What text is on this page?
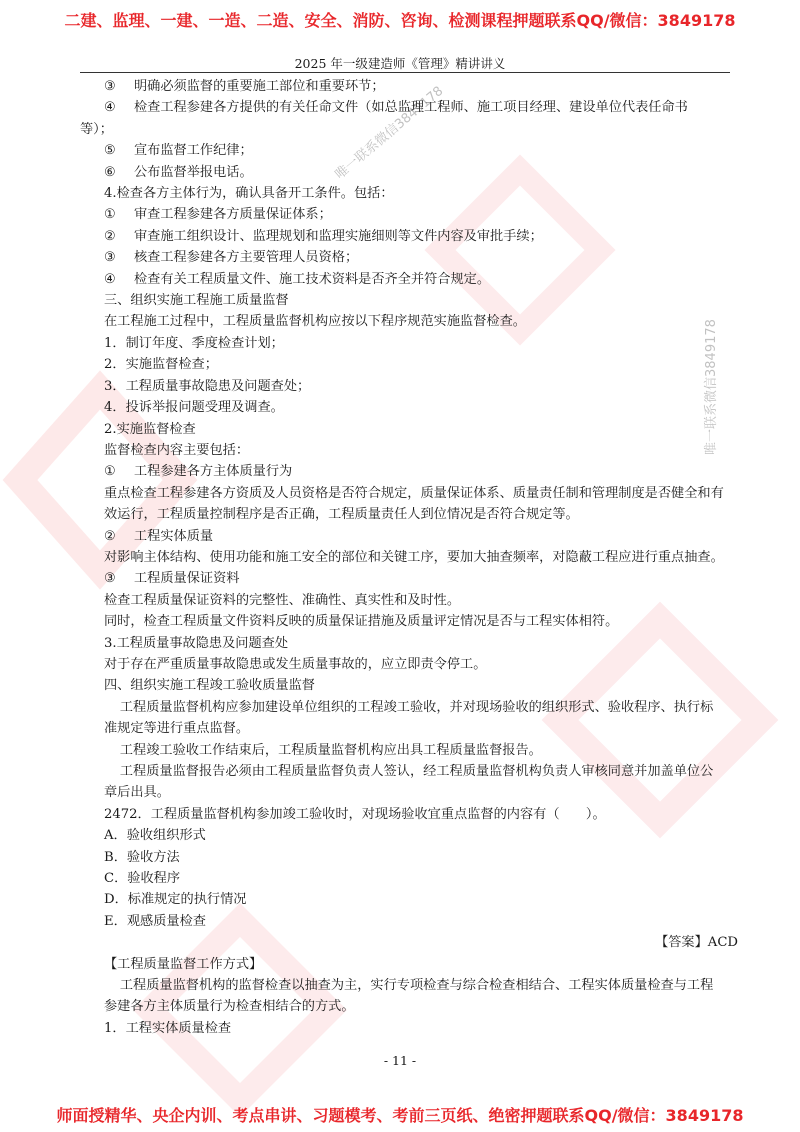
二建、监理、一建、一造、二造、安全、消防、咨询、检测课程押题联系QQ/微信：3849178
2025 年一级建造师《管理》精讲讲义
唯一联系微信3849178
唯一联系微信3849178
③ 明确必须监督的重要施工部位和重要环节；
④ 检查工程参建各方提供的有关任命文件（如总监理工程师、施工项目经理、建设单位代表任命书
等）；
⑤ 宣布监督工作纪律；
⑥ 公布监督举报电话。
4.检查各方主体行为，确认具备开工条件。包括：
① 审查工程参建各方质量保证体系；
② 审查施工组织设计、监理规划和监理实施细则等文件内容及审批手续；
③ 核查工程参建各方主要管理人员资格；
④ 检查有关工程质量文件、施工技术资料是否齐全并符合规定。
三、组织实施工程施工质量监督
在工程施工过程中，工程质量监督机构应按以下程序规范实施监督检查。
1．制订年度、季度检查计划；
2．实施监督检查；
3．工程质量事故隐患及问题查处；
4．投诉举报问题受理及调查。
2.实施监督检查
监督检查内容主要包括：
① 工程参建各方主体质量行为
重点检查工程参建各方资质及人员资格是否符合规定，质量保证体系、质量责任制和管理制度是否健全和有效运行，工程质量控制程序是否正确，工程质量责任人到位情况是否符合规定等。
② 工程实体质量
对影响主体结构、使用功能和施工安全的部位和关键工序，要加大抽查频率，对隐蔽工程应进行重点抽查。
③ 工程质量保证资料
检查工程质量保证资料的完整性、准确性、真实性和及时性。
同时，检查工程质量文件资料反映的质量保证措施及质量评定情况是否与工程实体相符。
3.工程质量事故隐患及问题查处
对于存在严重质量事故隐患或发生质量事故的，应立即责令停工。
四、组织实施工程竣工验收质量监督
工程质量监督机构应参加建设单位组织的工程竣工验收，并对现场验收的组织形式、验收程序、执行标准规定等进行重点监督。
工程竣工验收工作结束后，工程质量监督机构应出具工程质量监督报告。
工程质量监督报告必须由工程质量监督负责人签认，经工程质量监督机构负责人审核同意并加盖单位公章后出具。
2472．工程质量监督机构参加竣工验收时，对现场验收宜重点监督的内容有（　　）。
A．验收组织形式
B．验收方法
C．验收程序
D．标准规定的执行情况
E．观感质量检查
【答案】ACD
【工程质量监督工作方式】
工程质量监督机构的监督检查以抽查为主，实行专项检查与综合检查相结合、工程实体质量检查与工程参建各方主体质量行为检查相结合的方式。
1．工程实体质量检查
- 11 -
师面授精华、央企内训、考点串讲、习题模考、考前三页纸、绝密押题联系QQ/微信：3849178
